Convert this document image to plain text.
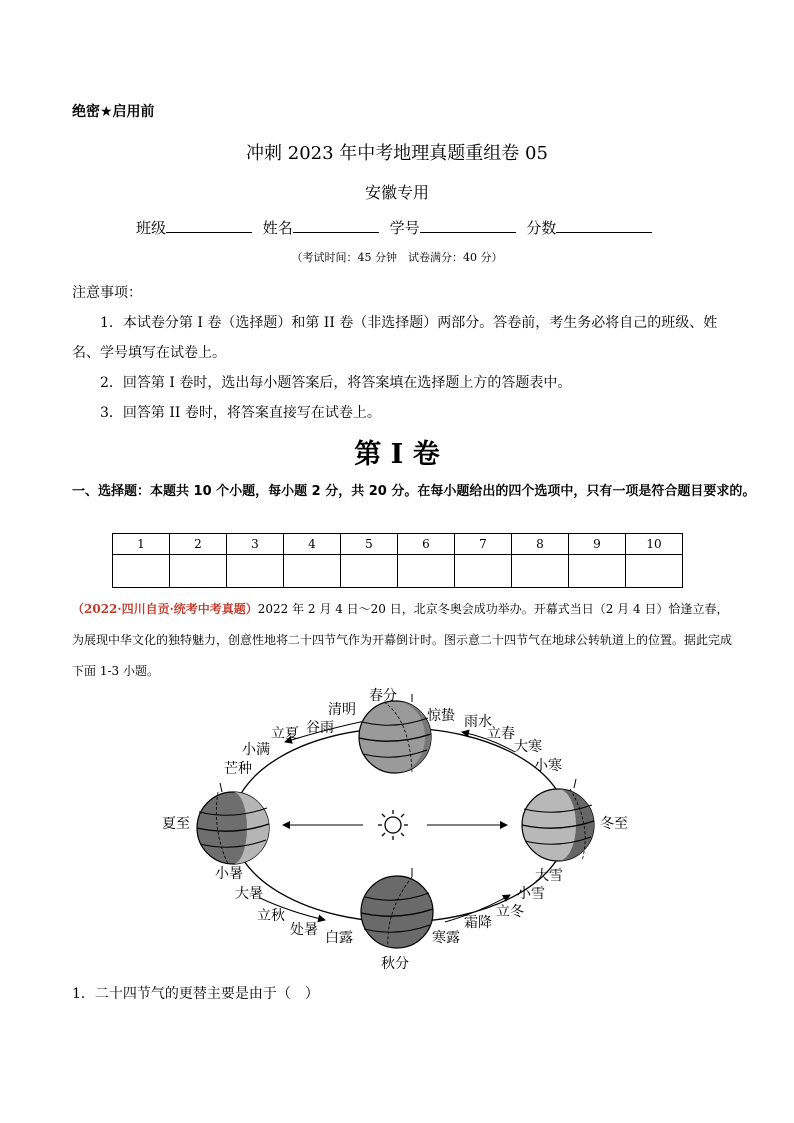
绝密★启用前
冲刺 2023 年中考地理真题重组卷 05
安徽专用
班级	姓名	学号	分数
（考试时间：45 分钟　试卷满分：40 分）
注意事项：
1．本试卷分第 I 卷（选择题）和第 II 卷（非选择题）两部分。答卷前，考生务必将自己的班级、姓名、学号填写在试卷上。
2．回答第 I 卷时，选出每小题答案后，将答案填在选择题上方的答题表中。
3．回答第 II 卷时，将答案直接写在试卷上。
第 I 卷
一、选择题：本题共 10 个小题，每小题 2 分，共 20 分。在每小题给出的四个选项中，只有一项是符合题目要求的。
1	2	3	4	5	6	7	8	9	10

（2022·四川自贡·统考中考真题）2022 年 2 月 4 日～20 日，北京冬奥会成功举办。开幕式当日（2 月 4 日）恰逢立春，为展现中华文化的独特魅力，创意性地将二十四节气作为开幕倒计时。图示意二十四节气在地球公转轨道上的位置。据此完成下面 1-3 小题。
春分
清明
谷雨
立夏
小满
芒种
夏至
小暑
大暑
立秋
处暑 白露
秋分
寒露
霜降
立冬
小雪
大雪
冬至
小寒
大寒
立春
雨水
惊蛰
1．二十四节气的更替主要是由于（　）
